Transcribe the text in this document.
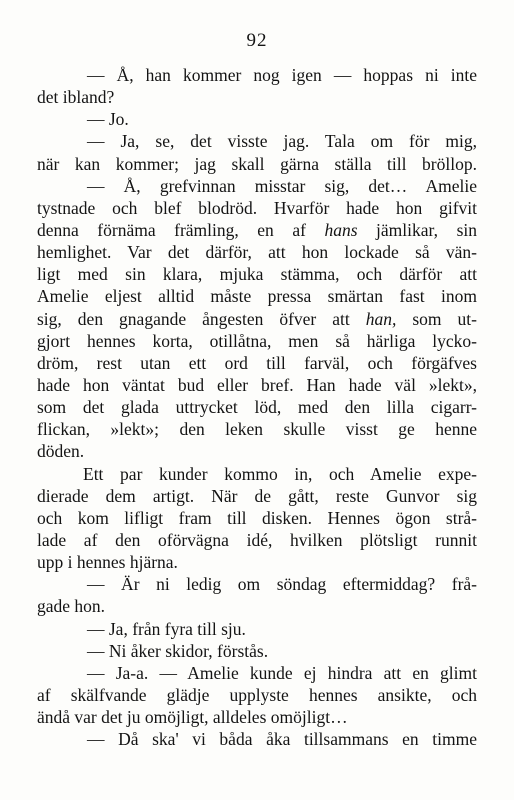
92
— Å, han kommer nog igen — hoppas ni inte
det ibland?
— Jo.
— Ja, se, det visste jag. Tala om för mig,
när kan kommer; jag skall gärna ställa till bröllop.
— Å, grefvinnan misstar sig, det… Amelie
tystnade och blef blodröd. Hvarför hade hon gifvit
denna förnäma främling, en af hans jämlikar, sin
hemlighet. Var det därför, att hon lockade så vän-
ligt med sin klara, mjuka stämma, och därför att
Amelie eljest alltid måste pressa smärtan fast inom
sig, den gnagande ångesten öfver att han, som ut-
gjort hennes korta, otillåtna, men så härliga lycko-
dröm, rest utan ett ord till farväl, och förgäfves
hade hon väntat bud eller bref. Han hade väl »lekt»,
som det glada uttrycket löd, med den lilla cigarr-
flickan, »lekt»; den leken skulle visst ge henne
döden.
Ett par kunder kommo in, och Amelie expe-
dierade dem artigt. När de gått, reste Gunvor sig
och kom lifligt fram till disken. Hennes ögon strå-
lade af den oförvägna idé, hvilken plötsligt runnit
upp i hennes hjärna.
— Är ni ledig om söndag eftermiddag? frå-
gade hon.
— Ja, från fyra till sju.
— Ni åker skidor, förstås.
— Ja-a. — Amelie kunde ej hindra att en glimt
af skälfvande glädje upplyste hennes ansikte, och
ändå var det ju omöjligt, alldeles omöjligt…
— Då ska' vi båda åka tillsammans en timme
